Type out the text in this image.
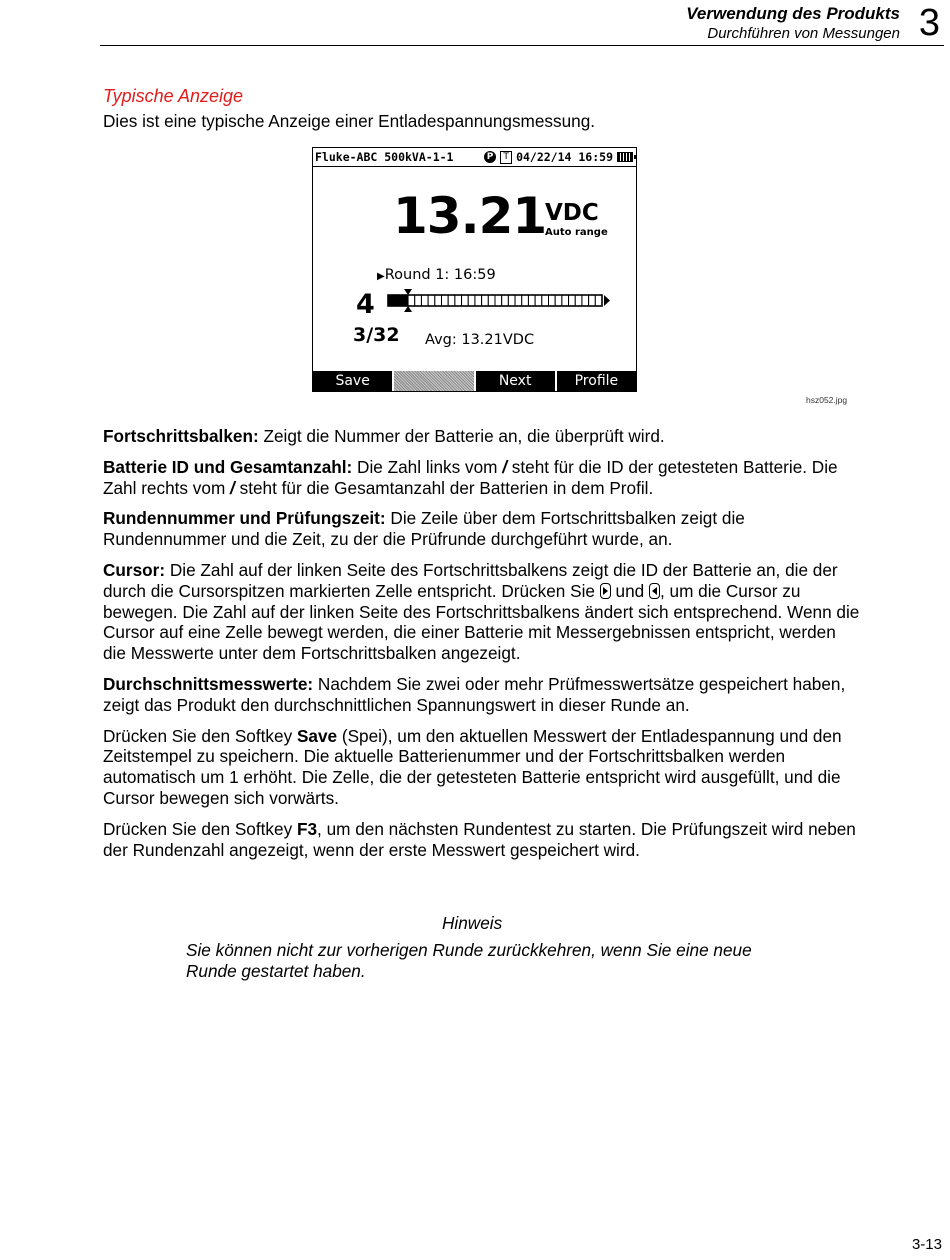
Verwendung des Produkts
Durchführen von Messungen 3

Typische Anzeige

Dies ist eine typische Anzeige einer Entladespannungsmessung.

Fluke-ABC 500kVA-1-1	P	T 04/22/14 16:59
13.21
VDC
Auto range
▶Round 1: 16:59
4
3/32 Avg: 13.21VDC
Save	Next	Profile
hsz052.jpg

Fortschrittsbalken: Zeigt die Nummer der Batterie an, die überprüft wird.

Batterie ID und Gesamtanzahl: Die Zahl links vom / steht für die ID der getesteten Batterie. Die Zahl rechts vom / steht für die Gesamtanzahl der Batterien in dem Profil.

Rundennummer und Prüfungszeit: Die Zeile über dem Fortschrittsbalken zeigt die Rundennummer und die Zeit, zu der die Prüfrunde durchgeführt wurde, an.

Cursor: Die Zahl auf der linken Seite des Fortschrittsbalkens zeigt die ID der Batterie an, die der durch die Cursorspitzen markierten Zelle entspricht. Drücken Sie
und
, um die Cursor zu bewegen. Die Zahl auf der linken Seite des Fortschrittsbalkens ändert sich entsprechend. Wenn die Cursor auf eine Zelle bewegt werden, die einer Batterie mit Messergebnissen entspricht, werden die Messwerte unter dem Fortschrittsbalken angezeigt.

Durchschnittsmesswerte: Nachdem Sie zwei oder mehr Prüfmesswertsätze gespeichert haben, zeigt das Produkt den durchschnittlichen Spannungswert in dieser Runde an.

Drücken Sie den Softkey Save (Spei), um den aktuellen Messwert der Entladespannung und den Zeitstempel zu speichern. Die aktuelle Batterienummer und der Fortschrittsbalken werden automatisch um 1 erhöht. Die Zelle, die der getesteten Batterie entspricht wird ausgefüllt, und die Cursor bewegen sich vorwärts.

Drücken Sie den Softkey F3, um den nächsten Rundentest zu starten. Die Prüfungszeit wird neben der Rundenzahl angezeigt, wenn der erste Messwert gespeichert wird.

Hinweis
Sie können nicht zur vorherigen Runde zurückkehren, wenn Sie eine neue Runde gestartet haben.
3-13
